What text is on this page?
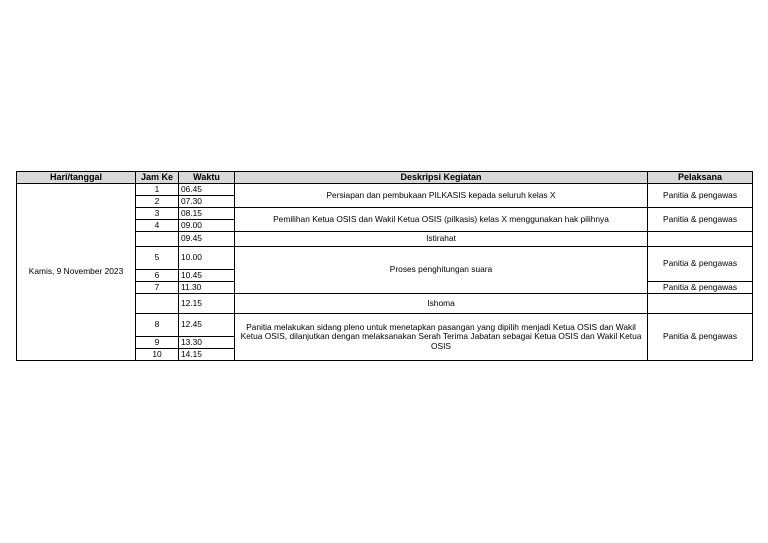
Hari/tanggal	Jam Ke	Waktu	Deskripsi Kegiatan	Pelaksana
Kamis, 9 November 2023	1	06.45	Persiapan dan pembukaan PILKASIS kepada seluruh kelas X	Panitia & pengawas
	2	07.30		
	3	08.15	Pemilihan Ketua OSIS dan Wakil Ketua OSIS (pilkasis) kelas X menggunakan hak pilihnya	Panitia & pengawas
	4	09.00		
		09.45	Istirahat	
	5	10.00	Proses penghitungan suara	Panitia & pengawas
	6	10.45		
	7	11.30		Panitia & pengawas
		12.15	Ishoma	
	8	12.45	Panitia melakukan sidang pleno untuk menetapkan pasangan yang dipilih menjadi Ketua OSIS dan Wakil Ketua OSIS, dilanjutkan dengan melaksanakan Serah Terima Jabatan sebagai Ketua OSIS dan Wakil Ketua OSIS	Panitia & pengawas
	9	13.30		
	10	14.15		
